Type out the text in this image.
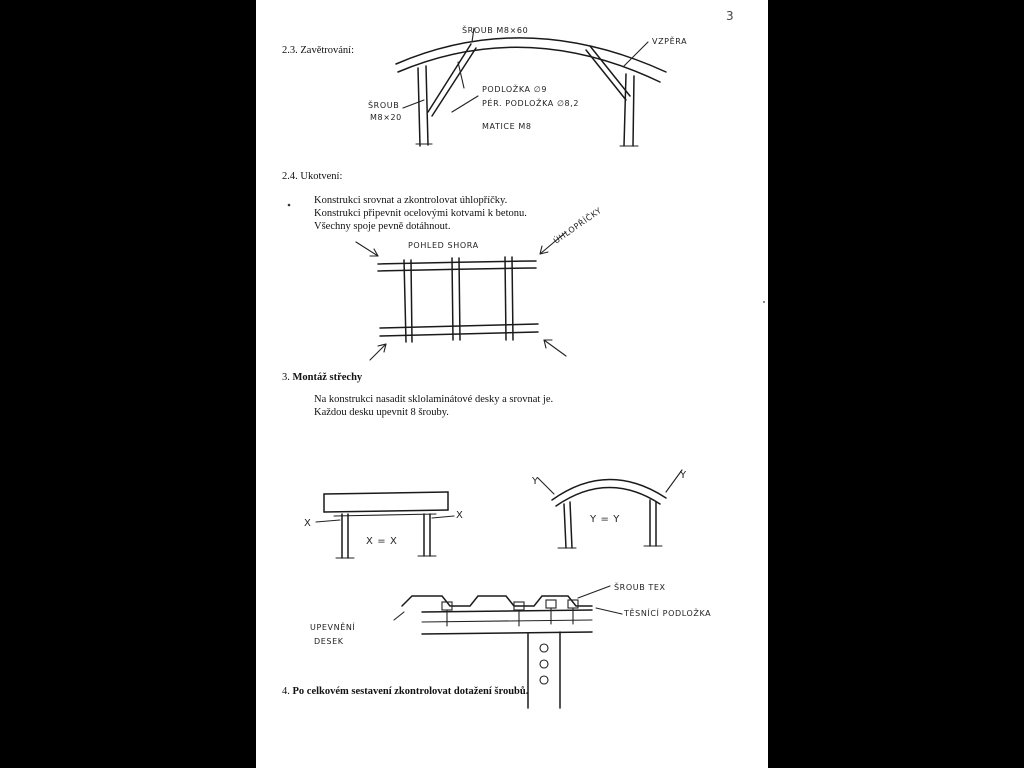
3
2.3. Zavětrování:
2.4. Ukotvení:
Konstrukci srovnat a zkontrolovat úhlopříčky.
Konstrukci připevnit ocelovými kotvami k betonu.
Všechny spoje pevně dotáhnout.
3. Montáž střechy
Na konstrukci nasadit sklolaminátové desky a srovnat je.
Každou desku upevnit 8 šrouby.
4. Po celkovém sestavení zkontrolovat dotažení šroubů.
ŠROUB M8×60
VZPĚRA
ŠROUB
M8×20
PODLOŽKA ∅9
PÉR. PODLOŽKA ∅8,2
MATICE M8
POHLED SHORA	ÚHLOPŘÍČKY
X
X
X = X
Y
Y
Y = Y
ŠROUB TEX
TĚSNÍCÍ PODLOŽKA
UPEVNĚNÍ
DESEK
